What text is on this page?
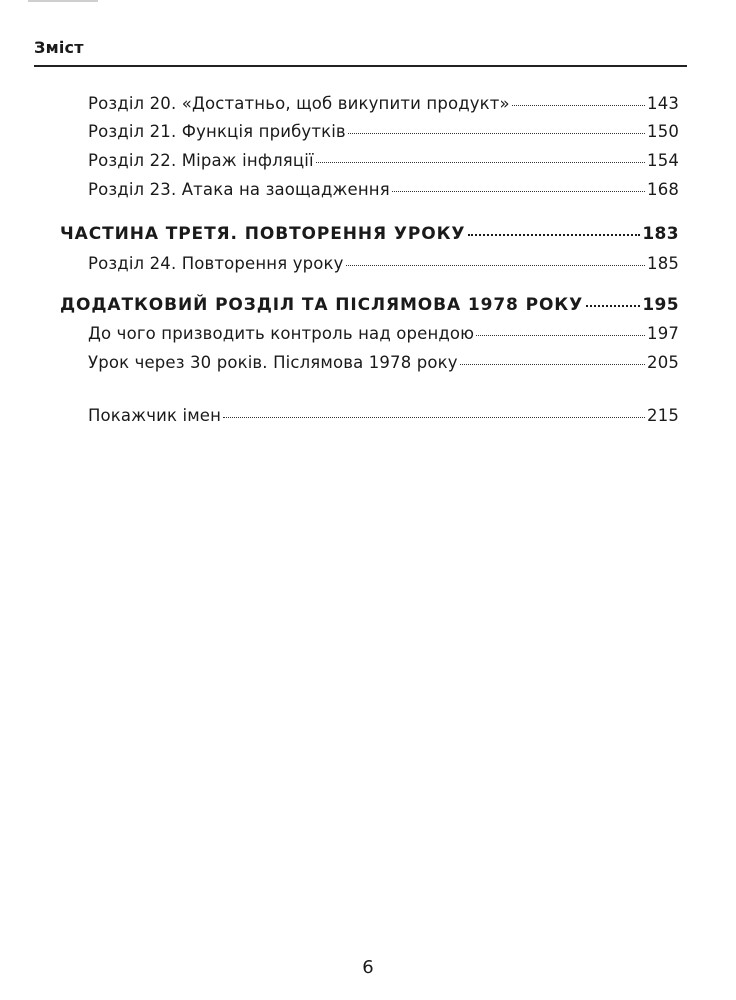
Зміст
Розділ 20. «Достатньо, щоб викупити продукт»	143
Розділ 21. Функція прибутків	150
Розділ 22. Міраж інфляції	154
Розділ 23. Атака на заощадження	168
ЧАСТИНА ТРЕТЯ. ПОВТОРЕННЯ УРОКУ	183
Розділ 24. Повторення уроку	185
ДОДАТКОВИЙ РОЗДІЛ ТА ПІСЛЯМОВА 1978 РОКУ	195
До чого призводить контроль над орендою	197
Урок через 30 років. Післямова 1978 року	205
Покажчик імен	215
6
